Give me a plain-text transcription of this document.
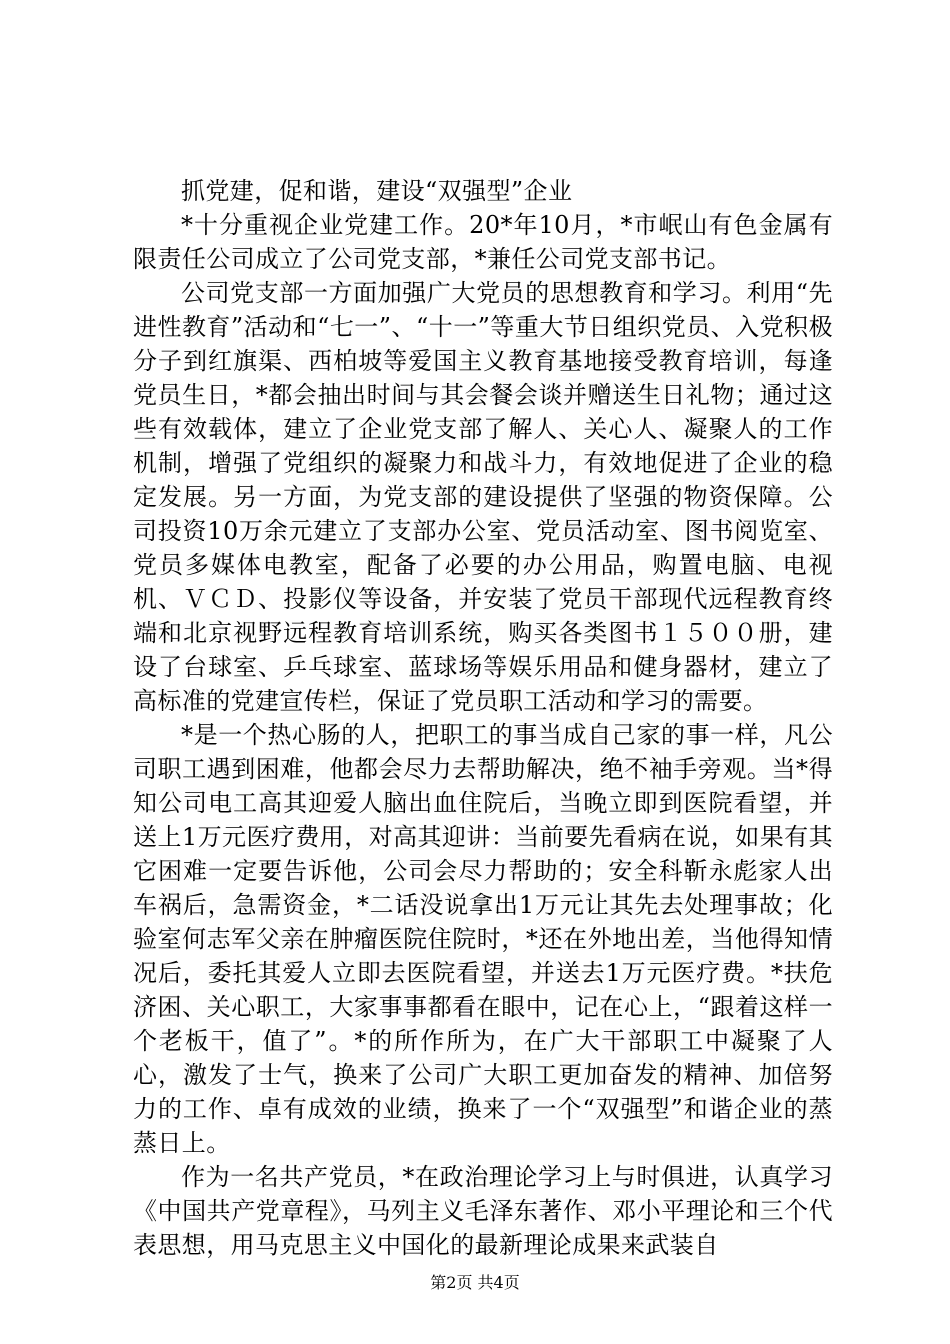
抓党建，促和谐，建设“双强型”企业

*十分重视企业党建工作。20*年10月，*市岷山有色金属有限责任公司成立了公司党支部，*兼任公司党支部书记。

公司党支部一方面加强广大党员的思想教育和学习。利用“先进性教育”活动和“七一”、“十一”等重大节日组织党员、入党积极分子到红旗渠、西柏坡等爱国主义教育基地接受教育培训，每逢党员生日，*都会抽出时间与其会餐会谈并赠送生日礼物；通过这些有效载体，建立了企业党支部了解人、关心人、凝聚人的工作机制，增强了党组织的凝聚力和战斗力，有效地促进了企业的稳定发展。另一方面，为党支部的建设提供了坚强的物资保障。公司投资10万余元建立了支部办公室、党员活动室、图书阅览室、党员多媒体电教室，配备了必要的办公用品，购置电脑、电视机、ＶＣＤ、投影仪等设备，并安装了党员干部现代远程教育终端和北京视野远程教育培训系统，购买各类图书１５００册，建设了台球室、乒乓球室、蓝球场等娱乐用品和健身器材，建立了高标准的党建宣传栏，保证了党员职工活动和学习的需要。

*是一个热心肠的人，把职工的事当成自己家的事一样，凡公司职工遇到困难，他都会尽力去帮助解决，绝不袖手旁观。当*得知公司电工高其迎爱人脑出血住院后，当晚立即到医院看望，并送上1万元医疗费用，对高其迎讲：当前要先看病在说，如果有其它困难一定要告诉他，公司会尽力帮助的；安全科靳永彪家人出车祸后，急需资金，*二话没说拿出1万元让其先去处理事故；化验室何志军父亲在肿瘤医院住院时，*还在外地出差，当他得知情况后，委托其爱人立即去医院看望，并送去1万元医疗费。*扶危济困、关心职工，大家事事都看在眼中，记在心上，“跟着这样一个老板干，值了”。*的所作所为，在广大干部职工中凝聚了人心，激发了士气，换来了公司广大职工更加奋发的精神、加倍努力的工作、卓有成效的业绩，换来了一个“双强型”和谐企业的蒸蒸日上。

作为一名共产党员，*在政治理论学习上与时俱进，认真学习《中国共产党章程》，马列主义毛泽东著作、邓小平理论和三个代表思想，用马克思主义中国化的最新理论成果来武装自

第2页 共4页
